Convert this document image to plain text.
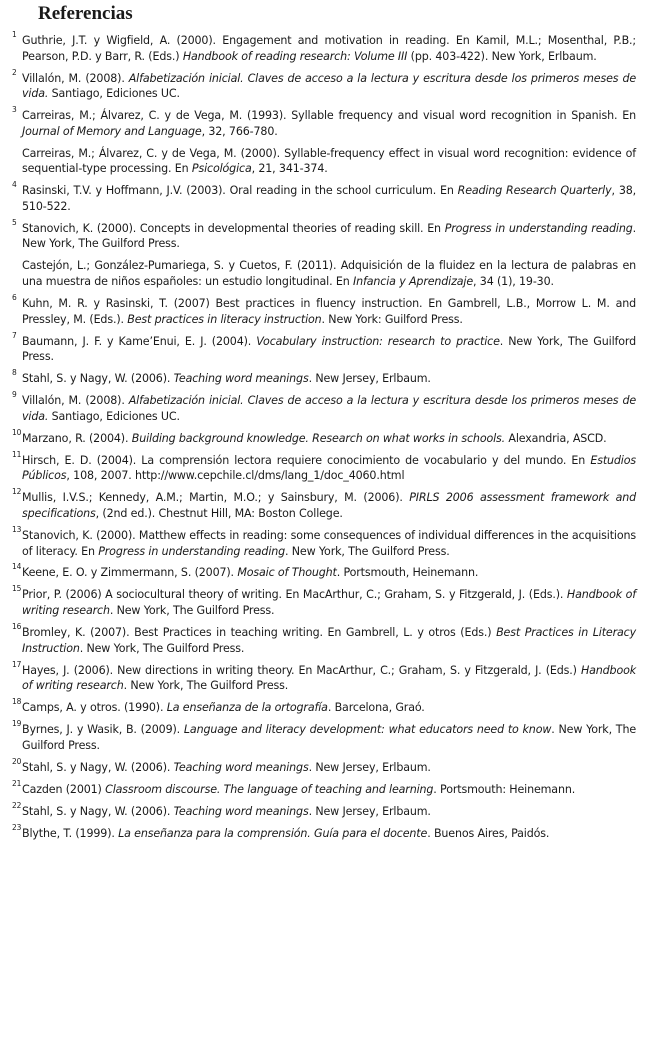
Referencias

1 Guthrie, J.T. y Wigfield, A. (2000). Engagement and motivation in reading. En Kamil, M.L.; Mosenthal, P.B.; Pearson, P.D. y Barr, R. (Eds.) Handbook of reading research: Volume III (pp. 403-422). New York, Erlbaum.

2 Villalón, M. (2008). Alfabetización inicial. Claves de acceso a la lectura y escritura desde los primeros meses de vida. Santiago, Ediciones UC.

3 Carreiras, M.; Álvarez, C. y de Vega, M. (1993). Syllable frequency and visual word recognition in Spanish. En Journal of Memory and Language, 32, 766-780.

Carreiras, M.; Álvarez, C. y de Vega, M. (2000). Syllable-frequency effect in visual word recognition: evidence of sequential-type processing. En Psicológica, 21, 341-374.

4 Rasinski, T.V. y Hoffmann, J.V. (2003). Oral reading in the school curriculum. En Reading Research Quarterly, 38, 510-522.

5 Stanovich, K. (2000). Concepts in developmental theories of reading skill. En Progress in understanding reading. New York, The Guilford Press.

Castejón, L.; González-Pumariega, S. y Cuetos, F. (2011). Adquisición de la fluidez en la lectura de palabras en una muestra de niños españoles: un estudio longitudinal. En Infancia y Aprendizaje, 34 (1), 19-30.

6 Kuhn, M. R. y Rasinski, T. (2007) Best practices in fluency instruction. En Gambrell, L.B., Morrow L. M. and Pressley, M. (Eds.). Best practices in literacy instruction. New York: Guilford Press.

7 Baumann, J. F. y Kame’Enui, E. J. (2004). Vocabulary instruction: research to practice. New York, The Guilford Press.

8 Stahl, S. y Nagy, W. (2006). Teaching word meanings. New Jersey, Erlbaum.

9 Villalón, M. (2008). Alfabetización inicial. Claves de acceso a la lectura y escritura desde los primeros meses de vida. Santiago, Ediciones UC.

10 Marzano, R. (2004). Building background knowledge. Research on what works in schools. Alexandria, ASCD.

11 Hirsch, E. D. (2004). La comprensión lectora requiere conocimiento de vocabulario y del mundo. En Estudios Públicos, 108, 2007. http://www.cepchile.cl/dms/lang_1/doc_4060.html

12 Mullis, I.V.S.; Kennedy, A.M.; Martin, M.O.; y Sainsbury, M. (2006). PIRLS 2006 assessment framework and specifications, (2nd ed.). Chestnut Hill, MA: Boston College.

13 Stanovich, K. (2000). Matthew effects in reading: some consequences of individual differences in the acquisitions of literacy. En Progress in understanding reading. New York, The Guilford Press.

14 Keene, E. O. y Zimmermann, S. (2007). Mosaic of Thought. Portsmouth, Heinemann.

15 Prior, P. (2006) A sociocultural theory of writing. En MacArthur, C.; Graham, S. y Fitzgerald, J. (Eds.). Handbook of writing research. New York, The Guilford Press.

16 Bromley, K. (2007). Best Practices in teaching writing. En Gambrell, L. y otros (Eds.) Best Practices in Literacy Instruction. New York, The Guilford Press.

17 Hayes, J. (2006). New directions in writing theory. En MacArthur, C.; Graham, S. y Fitzgerald, J. (Eds.) Handbook of writing research. New York, The Guilford Press.

18 Camps, A. y otros. (1990). La enseñanza de la ortografía. Barcelona, Graó.

19 Byrnes, J. y Wasik, B. (2009). Language and literacy development: what educators need to know. New York, The Guilford Press.

20 Stahl, S. y Nagy, W. (2006). Teaching word meanings. New Jersey, Erlbaum.

21 Cazden (2001) Classroom discourse. The language of teaching and learning. Portsmouth: Heinemann.

22 Stahl, S. y Nagy, W. (2006). Teaching word meanings. New Jersey, Erlbaum.

23 Blythe, T. (1999). La enseñanza para la comprensión. Guía para el docente. Buenos Aires, Paidós.
